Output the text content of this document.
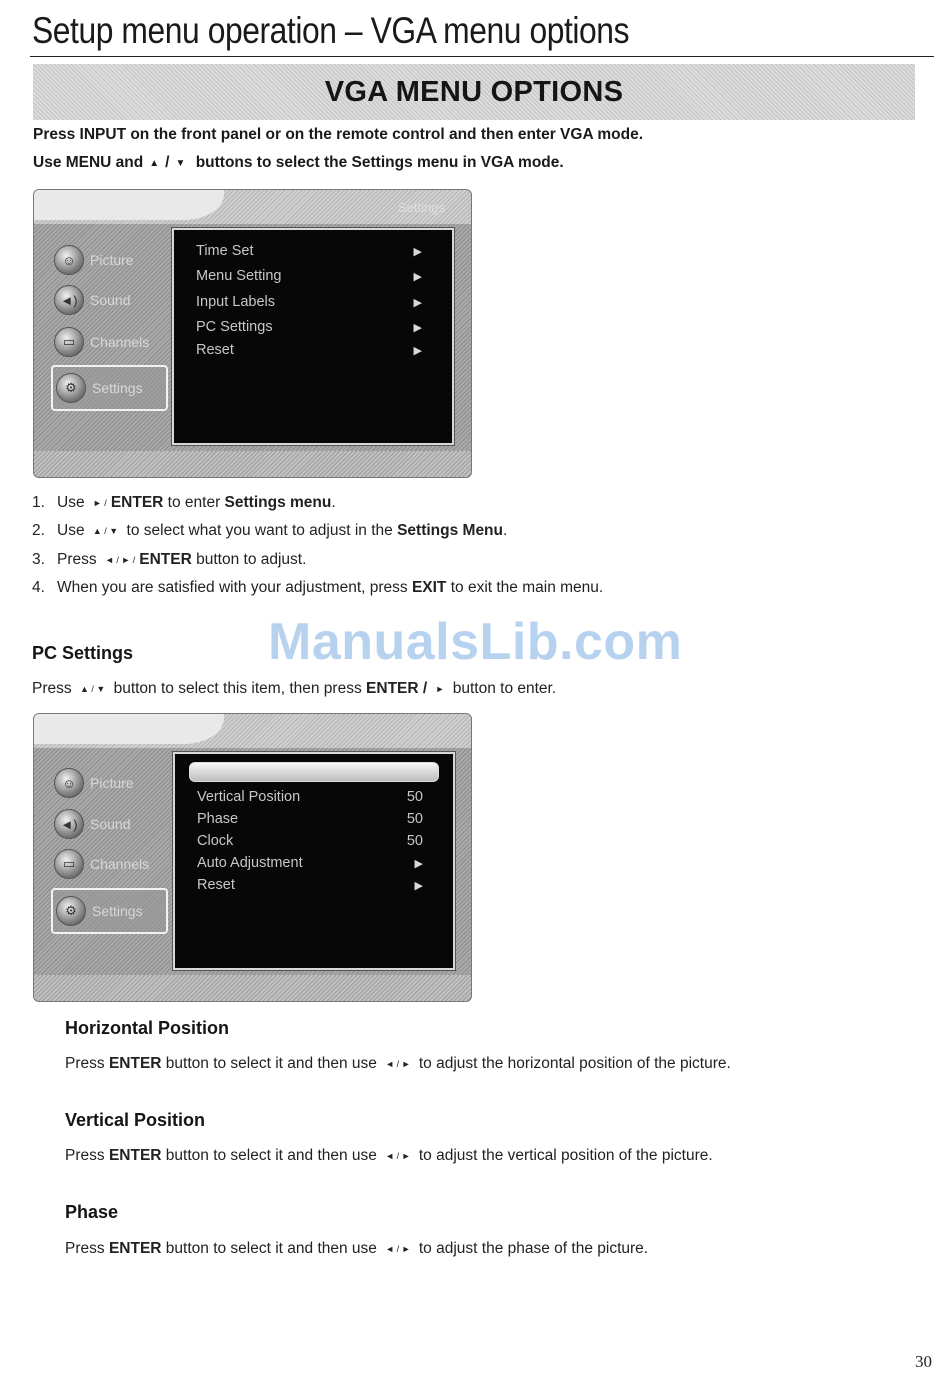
Setup menu operation – VGA menu options
VGA MENU OPTIONS
Press INPUT on the front panel or on the remote control and then enter VGA mode.
Use MENU and ▲ / ▼ buttons to select the Settings menu in VGA mode.
Settings
☺	Picture
◄) Sound
▭	Channels
⚙	Settings
Time Set	▶
Menu Setting	▶
Input Labels	▶
PC Settings	▶
Reset	▶
1. Use ► /ENTER to enter Settings menu.
2. Use ▲ / ▼ to select what you want to adjust in the Settings Menu.
3. Press ◄ / ► /ENTER button to adjust.
4. When you are satisfied with your adjustment, press EXIT to exit the main menu.
PC Settings	ManualsLib.com
Press ▲ / ▼ button to select this item, then press ENTER / ► button to enter.
☺	Picture
◄) Sound
▭	Channels
⚙	Settings
Vertical Position	50
Phase	50
Clock	50
Auto Adjustment	▶
Reset	▶
Horizontal Position
Press ENTER button to select it and then use ◄ / ► to adjust the horizontal position of the picture.
Vertical Position
Press ENTER button to select it and then use ◄ / ► to adjust the vertical position of the picture.
Phase
Press ENTER button to select it and then use ◄ / ► to adjust the phase of the picture.
30
